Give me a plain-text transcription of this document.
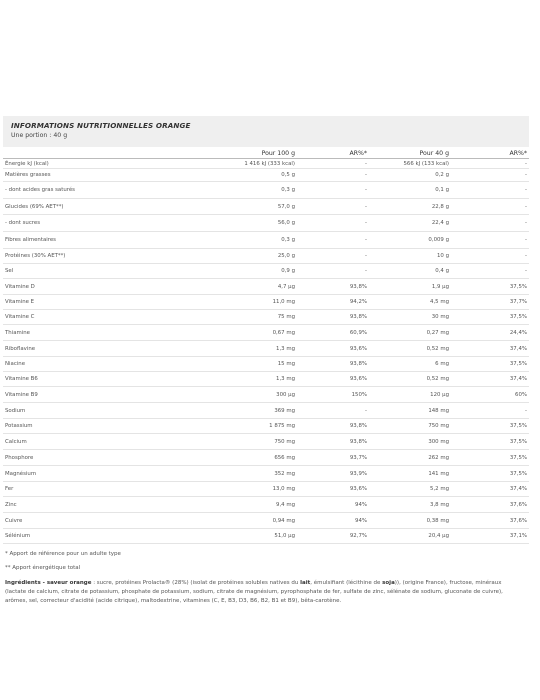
INFORMATIONS NUTRITIONNELLES ORANGE
Une portion : 40 g
	Pour 100 g	AR%*	Pour 40 g	AR%*
Énergie kJ (kcal)	1 416 kJ (333 kcal)	-	566 kJ (133 kcal)	-
Matières grasses	0,5 g	-	0,2 g	-
- dont acides gras saturés	0,3 g	-	0,1 g	-
Glucides (69% AET**)	57,0 g	-	22,8 g	-
- dont sucres	56,0 g	-	22,4 g	-
Fibres alimentaires	0,3 g	-	0,009 g	-
Protéines (30% AET**)	25,0 g	-	10 g	-
Sel	0,9 g	-	0,4 g	-
Vitamine D	4,7 µg	93,8%	1,9 µg	37,5%
Vitamine E	11,0 mg	94,2%	4,5 mg	37,7%
Vitamine C	75 mg	93,8%	30 mg	37,5%
Thiamine	0,67 mg	60,9%	0,27 mg	24,4%
Riboflavine	1,3 mg	93,6%	0,52 mg	37,4%
Niacine	15 mg	93,8%	6 mg	37,5%
Vitamine B6	1,3 mg	93,6%	0,52 mg	37,4%
Vitamine B9	300 µg	150%	120 µg	60%
Sodium	369 mg	-	148 mg	-
Potassium	1 875 mg	93,8%	750 mg	37,5%
Calcium	750 mg	93,8%	300 mg	37,5%
Phosphore	656 mg	93,7%	262 mg	37,5%
Magnésium	352 mg	93,9%	141 mg	37,5%
Fer	13,0 mg	93,6%	5,2 mg	37,4%
Zinc	9,4 mg	94%	3,8 mg	37,6%
Cuivre	0,94 mg	94%	0,38 mg	37,6%
Sélénium	51,0 µg	92,7%	20,4 µg	37,1%
* Apport de référence pour un adulte type
** Apport énergétique total
Ingrédients - saveur orange : sucre, protéines Prolacta® (28%) (isolat de protéines solubles natives du lait, émulsifiant (lécithine de soja)), (origine France), fructose, minéraux (lactate de calcium, citrate de potassium, phosphate de potassium, sodium, citrate de magnésium, pyrophosphate de fer, sulfate de zinc, sélénate de sodium, gluconate de cuivre), arômes, sel, correcteur d'acidité (acide citrique), maltodextrine, vitamines (C, E, B3, D3, B6, B2, B1 et B9), bêta-carotène.
